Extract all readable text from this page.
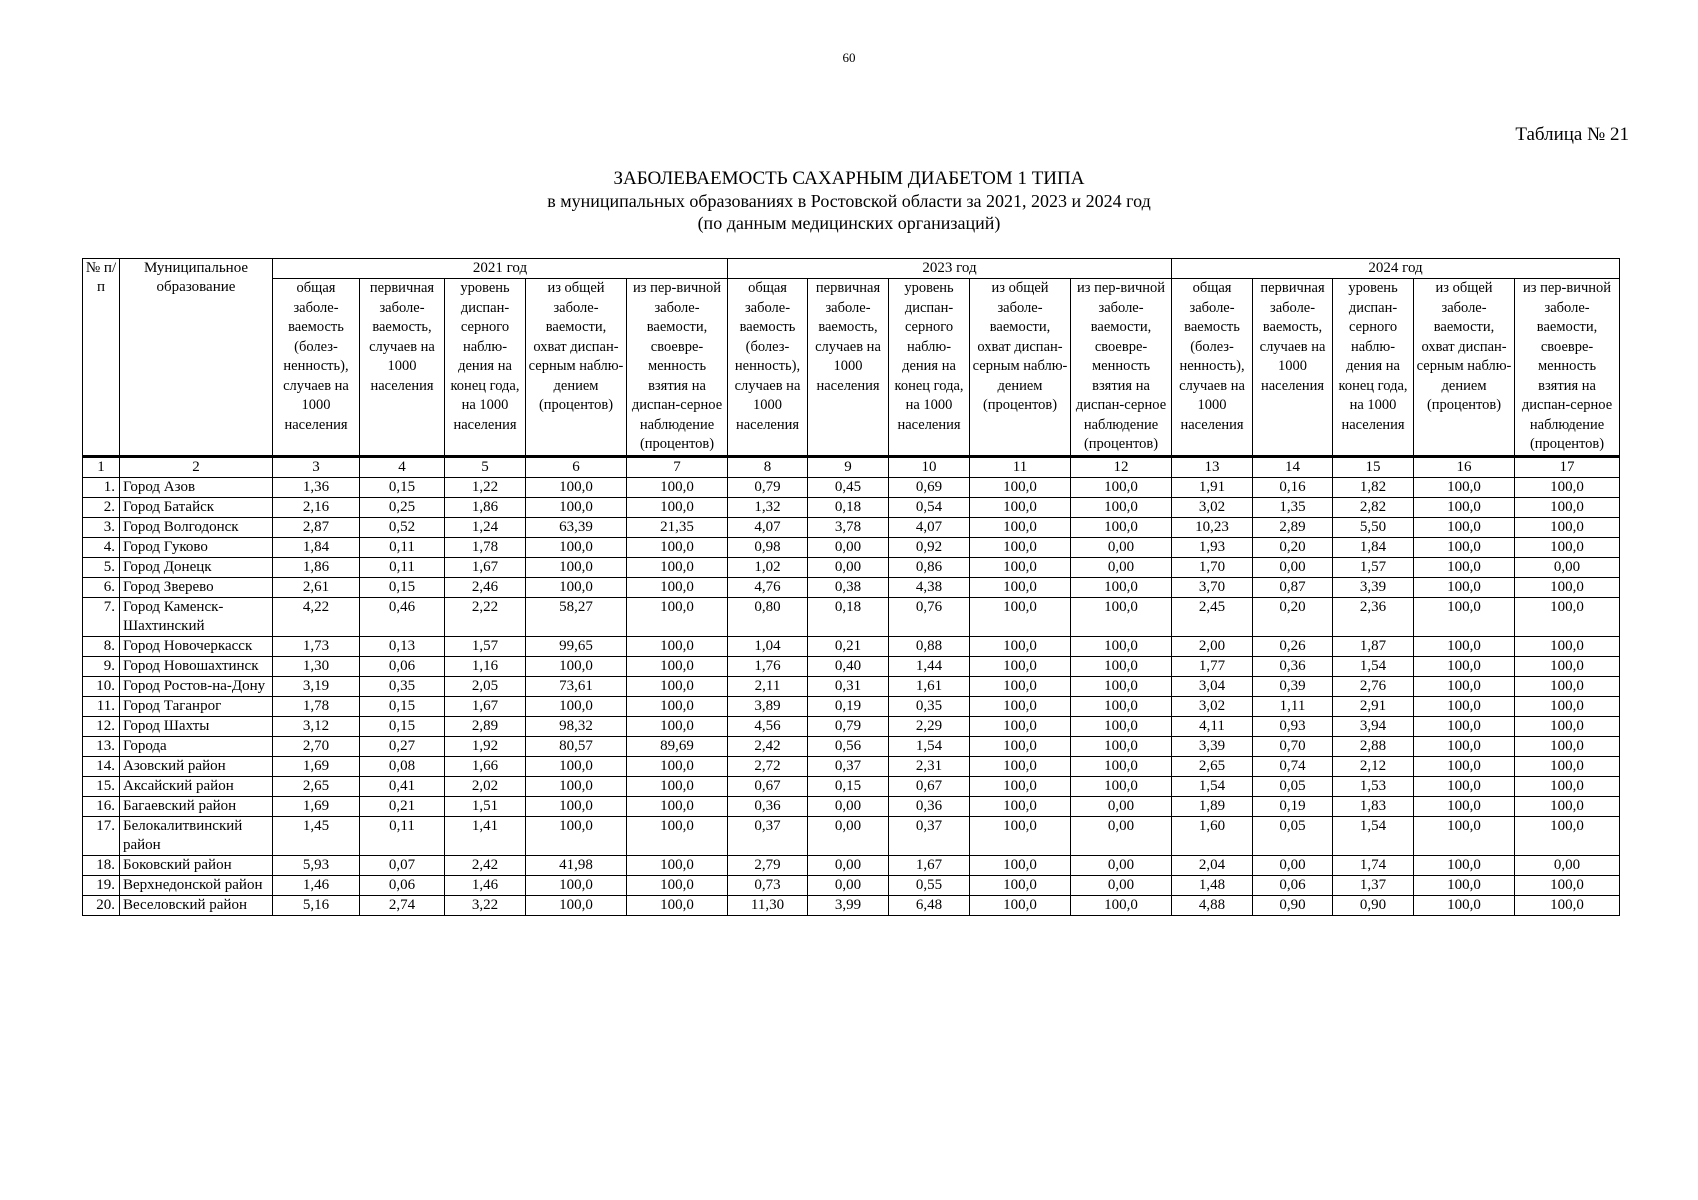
60
Таблица № 21
ЗАБОЛЕВАЕМОСТЬ САХАРНЫМ ДИАБЕТОМ 1 ТИПА
в муниципальных образованиях в Ростовской области за 2021, 2023 и 2024 год
(по данным медицинских организаций)
№ п/п	Муниципальное образование	2021 год					2023 год					2024 год				
		общая заболе-ваемость (болез-ненность), случаев на 1000 населения	первичная заболе-ваемость, случаев на 1000 населения	уровень диспан-серного наблю-дения на конец года, на 1000 населения	из общей заболе-ваемости, охват диспан-серным наблю-дением (процентов)	из пер-вичной заболе-ваемости, своевре-менность взятия на диспан-серное наблюдение (процентов)	общая заболе-ваемость (болез-ненность), случаев на 1000 населения	первичная заболе-ваемость, случаев на 1000 населения	уровень диспан-серного наблю-дения на конец года, на 1000 населения	из общей заболе-ваемости, охват диспан-серным наблю-дением (процентов)	из пер-вичной заболе-ваемости, своевре-менность взятия на диспан-серное наблюдение (процентов)	общая заболе-ваемость (болез-ненность), случаев на 1000 населения	первичная заболе-ваемость, случаев на 1000 населения	уровень диспан-серного наблю-дения на конец года, на 1000 населения	из общей заболе-ваемости, охват диспан-серным наблю-дением (процентов)	из пер-вичной заболе-ваемости, своевре-менность взятия на диспан-серное наблюдение (процентов)
1	2	3	4	5	6	7	8	9	10	11	12	13	14	15	16	17
1.	Город Азов	1,36	0,15	1,22	100,0	100,0	0,79	0,45	0,69	100,0	100,0	1,91	0,16	1,82	100,0	100,0
2.	Город Батайск	2,16	0,25	1,86	100,0	100,0	1,32	0,18	0,54	100,0	100,0	3,02	1,35	2,82	100,0	100,0
3.	Город Волгодонск	2,87	0,52	1,24	63,39	21,35	4,07	3,78	4,07	100,0	100,0	10,23	2,89	5,50	100,0	100,0
4.	Город Гуково	1,84	0,11	1,78	100,0	100,0	0,98	0,00	0,92	100,0	0,00	1,93	0,20	1,84	100,0	100,0
5.	Город Донецк	1,86	0,11	1,67	100,0	100,0	1,02	0,00	0,86	100,0	0,00	1,70	0,00	1,57	100,0	0,00
6.	Город Зверево	2,61	0,15	2,46	100,0	100,0	4,76	0,38	4,38	100,0	100,0	3,70	0,87	3,39	100,0	100,0
7.	Город Каменск-Шахтинский	4,22	0,46	2,22	58,27	100,0	0,80	0,18	0,76	100,0	100,0	2,45	0,20	2,36	100,0	100,0
8.	Город Новочеркасск	1,73	0,13	1,57	99,65	100,0	1,04	0,21	0,88	100,0	100,0	2,00	0,26	1,87	100,0	100,0
9.	Город Новошахтинск	1,30	0,06	1,16	100,0	100,0	1,76	0,40	1,44	100,0	100,0	1,77	0,36	1,54	100,0	100,0
10.	Город Ростов-на-Дону	3,19	0,35	2,05	73,61	100,0	2,11	0,31	1,61	100,0	100,0	3,04	0,39	2,76	100,0	100,0
11.	Город Таганрог	1,78	0,15	1,67	100,0	100,0	3,89	0,19	0,35	100,0	100,0	3,02	1,11	2,91	100,0	100,0
12.	Город Шахты	3,12	0,15	2,89	98,32	100,0	4,56	0,79	2,29	100,0	100,0	4,11	0,93	3,94	100,0	100,0
13.	Города	2,70	0,27	1,92	80,57	89,69	2,42	0,56	1,54	100,0	100,0	3,39	0,70	2,88	100,0	100,0
14.	Азовский район	1,69	0,08	1,66	100,0	100,0	2,72	0,37	2,31	100,0	100,0	2,65	0,74	2,12	100,0	100,0
15.	Аксайский район	2,65	0,41	2,02	100,0	100,0	0,67	0,15	0,67	100,0	100,0	1,54	0,05	1,53	100,0	100,0
16.	Багаевский район	1,69	0,21	1,51	100,0	100,0	0,36	0,00	0,36	100,0	0,00	1,89	0,19	1,83	100,0	100,0
17.	Белокалитвинский район	1,45	0,11	1,41	100,0	100,0	0,37	0,00	0,37	100,0	0,00	1,60	0,05	1,54	100,0	100,0
18.	Боковский район	5,93	0,07	2,42	41,98	100,0	2,79	0,00	1,67	100,0	0,00	2,04	0,00	1,74	100,0	0,00
19.	Верхнедонской район	1,46	0,06	1,46	100,0	100,0	0,73	0,00	0,55	100,0	0,00	1,48	0,06	1,37	100,0	100,0
20.	Веселовский район	5,16	2,74	3,22	100,0	100,0	11,30	3,99	6,48	100,0	100,0	4,88	0,90	0,90	100,0	100,0
